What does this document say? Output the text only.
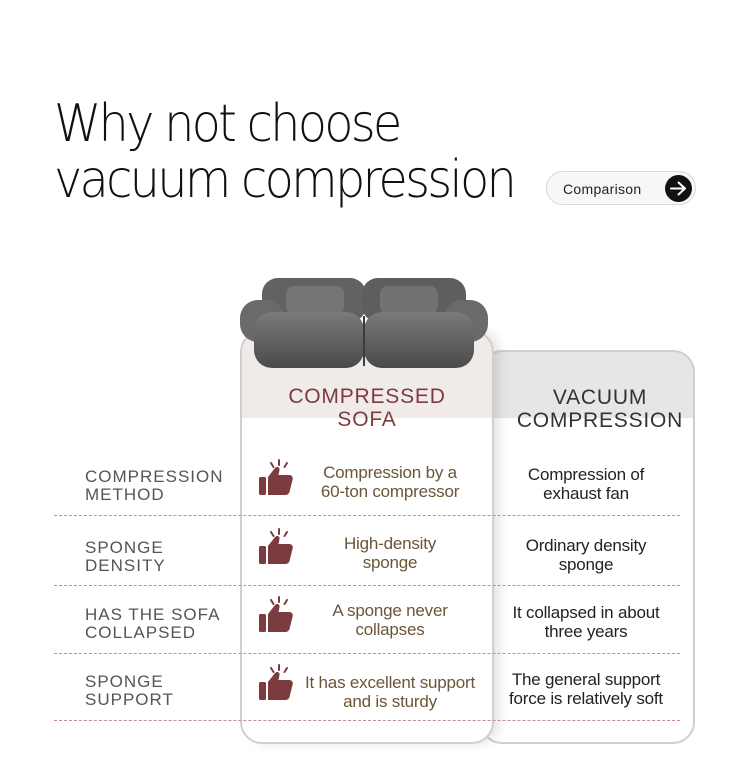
Why not choose
vacuum compression	Comparison
COMPRESSED
SOFA
VACUUM
COMPRESSION
COMPRESSION
METHOD
Compression by a
60-ton compressor
Compression of
exhaust fan
SPONGE
DENSITY
High-density
sponge
Ordinary density
sponge
HAS THE SOFA
COLLAPSED
A sponge never
collapses
It collapsed in about
three years
SPONGE
SUPPORT
It has excellent support
and is sturdy
The general support
force is relatively soft
